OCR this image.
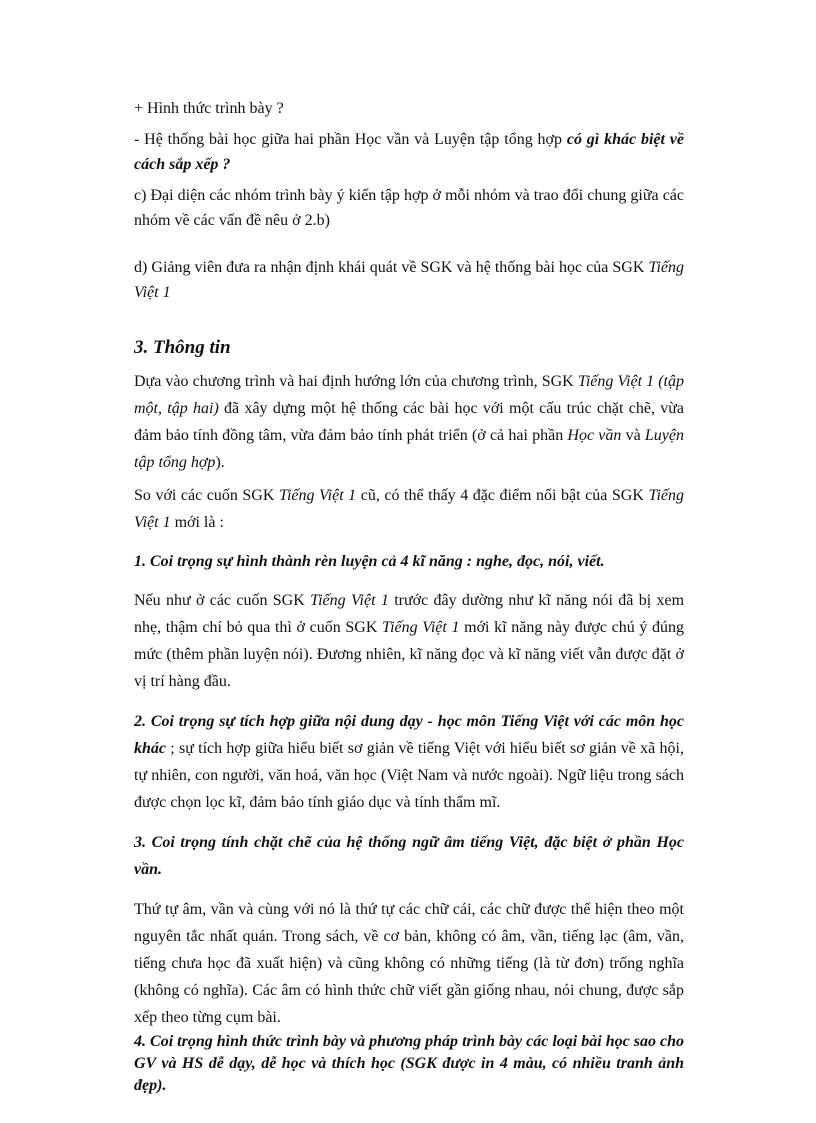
+ Hình thức trình bày ?

- Hệ thống bài học giữa hai phần Học vần và Luyện tập tổng hợp có gì khác biệt về cách sắp xếp ?

c) Đại diện các nhóm trình bày ý kiến tập hợp ở mỗi nhóm và trao đổi chung giữa các nhóm về các vấn đề nêu ở 2.b)

d) Giảng viên đưa ra nhận định khái quát về SGK và hệ thống bài học của SGK Tiếng Việt 1

3. Thông tin

Dựa vào chương trình và hai định hướng lớn của chương trình, SGK Tiếng Việt 1 (tập một, tập hai) đã xây dựng một hệ thống các bài học với một cấu trúc chặt chẽ, vừa đảm bảo tính đồng tâm, vừa đảm bảo tính phát triển (ở cả hai phần Học vần và Luyện tập tổng hợp).

So với các cuốn SGK Tiếng Việt 1 cũ, có thể thấy 4 đặc điểm nổi bật của SGK Tiếng Việt 1 mới là :

1. Coi trọng sự hình thành rèn luyện cả 4 kĩ năng : nghe, đọc, nói, viết.

Nếu như ở các cuốn SGK Tiếng Việt 1 trước đây dường như kĩ năng nói đã bị xem nhẹ, thậm chí bỏ qua thì ở cuốn SGK Tiếng Việt 1 mới kĩ năng này được chú ý đúng mức (thêm phần luyện nói). Đương nhiên, kĩ năng đọc và kĩ năng viết vẫn được đặt ở vị trí hàng đầu.

2. Coi trọng sự tích hợp giữa nội dung dạy - học môn Tiếng Việt với các môn học khác ; sự tích hợp giữa hiểu biết sơ giản về tiếng Việt với hiểu biết sơ giản về xã hội, tự nhiên, con người, văn hoá, văn học (Việt Nam và nước ngoài). Ngữ liệu trong sách được chọn lọc kĩ, đảm bảo tính giáo dục và tính thẩm mĩ.

3. Coi trọng tính chặt chẽ của hệ thống ngữ âm tiếng Việt, đặc biệt ở phần Học vần.

Thứ tự âm, vần và cùng với nó là thứ tự các chữ cái, các chữ được thể hiện theo một nguyên tắc nhất quán. Trong sách, về cơ bản, không có âm, vần, tiếng lạc (âm, vần, tiếng chưa học đã xuất hiện) và cũng không có những tiếng (là từ đơn) trống nghĩa (không có nghĩa). Các âm có hình thức chữ viết gần giống nhau, nói chung, được sắp xếp theo từng cụm bài.

4. Coi trọng hình thức trình bày và phương pháp trình bày các loại bài học sao cho GV và HS dễ dạy, dễ học và thích học (SGK được in 4 màu, có nhiều tranh ảnh đẹp).
